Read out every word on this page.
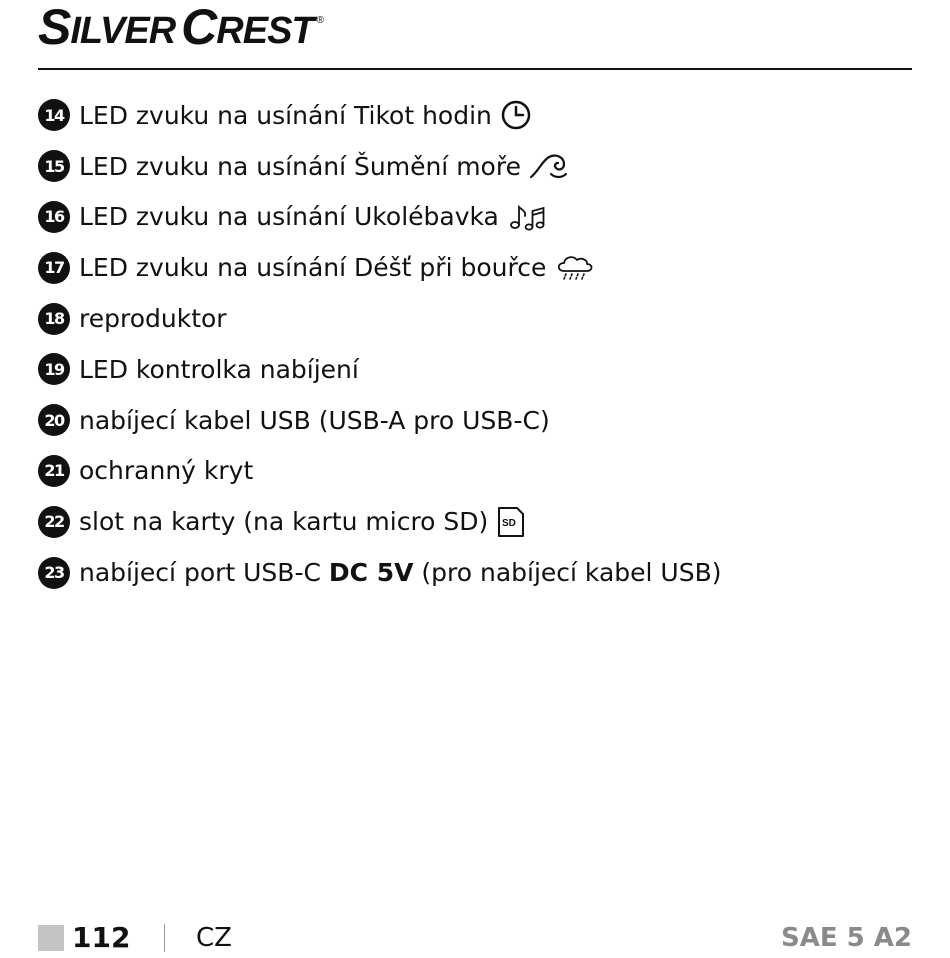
S ILVER C REST ®
14 LED zvuku na usínání Tikot hodin
15 LED zvuku na usínání Šumění moře
16 LED zvuku na usínání Ukolébavka
17 LED zvuku na usínání Déšť při bouřce
18 reproduktor
19 LED kontrolka nabíjení
20 nabíjecí kabel USB (USB-A pro USB-C)
21 ochranný kryt
22 slot na karty (na kartu micro SD) SD
23 nabíjecí port USB-C DC 5V (pro nabíjecí kabel USB)
112	CZ	SAE 5 A2
